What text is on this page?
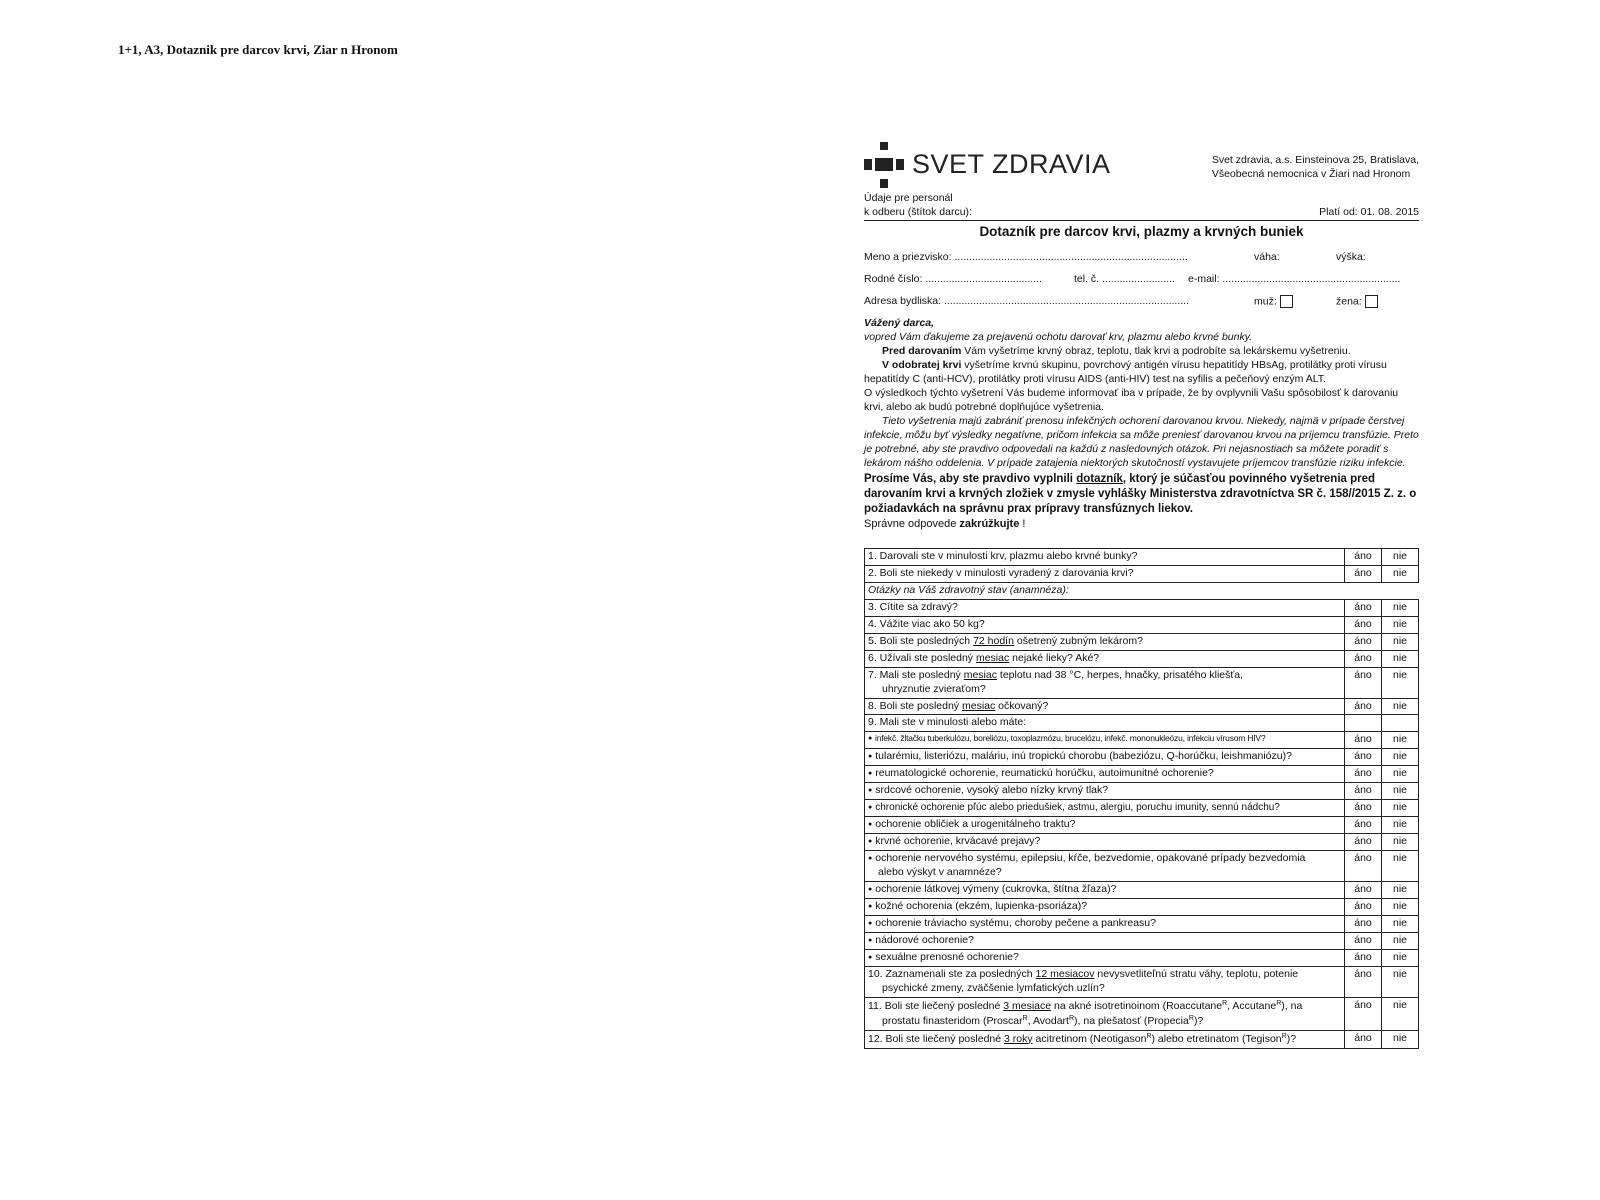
1+1, A3, Dotaznik pre darcov krvi, Ziar n Hronom
SVET ZDRAVIA	Svet zdravia, a.s. Einsteinova 25, Bratislava,
Všeobecná nemocnica v Žiari nad Hronom
Údaje pre personál
k odberu (štítok darcu):	Platí od: 01. 08. 2015
Dotazník pre darcov krvi, plazmy a krvných buniek
Meno a priezvisko: ................................................................................	váha:	výška:
Rodné číslo: ........................................	tel. č. .........................	e-mail: .............................................................
Adresa bydliska: ....................................................................................	muž:	žena:

Vážený darca,

vopred Vám ďakujeme za prejavenú ochotu darovať krv, plazmu alebo krvné bunky.

Pred darovaním Vám vyšetríme krvný obraz, teplotu, tlak krvi a podrobíte sa lekárskemu vyšetreniu.

V odobratej krvi vyšetríme krvnú skupinu, povrchový antigén vírusu hepatitídy HBsAg, protilátky proti vírusu hepatitídy C (anti-HCV), protilátky proti vírusu AIDS (anti-HIV) test na syfilis a pečeňový enzým ALT.

O výsledkoch týchto vyšetrení Vás budeme informovať iba v prípade, že by ovplyvnili Vašu spôsobilosť k darovaniu krvi, alebo ak budú potrebné doplňujúce vyšetrenia.

Tieto vyšetrenia majú zabrániť prenosu infekčných ochorení darovanou krvou. Niekedy, najmä v prípade čerstvej infekcie, môžu byť výsledky negatívne, pričom infekcia sa môže preniesť darovanou krvou na príjemcu transfúzie. Preto je potrebné, aby ste pravdivo odpovedali na každú z nasledovných otázok. Pri nejasnostiach sa môžete poradiť s lekárom nášho oddelenia. V prípade zatajenia niektorých skutočností vystavujete príjemcov transfúzie riziku infekcie.

Prosíme Vás, aby ste pravdivo vyplnili dotazník, ktorý je súčasťou povinného vyšetrenia pred darovaním krvi a krvných zložiek v zmysle vyhlášky Ministerstva zdravotníctva SR č. 158//2015 Z. z. o požiadavkách na správnu prax prípravy transfúznych liekov.

Správne odpovede zakrúžkujte !

1. Darovali ste v minulosti krv, plazmu alebo krvné bunky?	áno	nie
2. Boli ste niekedy v minulosti vyradený z darovania krvi?	áno	nie
Otázky na Váš zdravotný stav (anamnéza):		
3. Cítite sa zdravý?	áno	nie
4. Vážite viac ako 50 kg?	áno	nie
5. Boli ste posledných 72 hodín ošetrený zubným lekárom?	áno	nie
6. Užívali ste posledný mesiac nejaké lieky? Aké?	áno	nie
7. Mali ste posledný mesiac teplotu nad 38 °C, herpes, hnačky, prisatého kliešťa,
uhryznutie zvieraťom?	áno	nie
8. Boli ste posledný mesiac očkovaný?	áno	nie
9. Mali ste v minulosti alebo máte:		
● infekč. žltačku tuberkulózu, boreliózu, toxoplazmózu, brucelózu, infekč. mononukleózu, infekciu vírusom HIV?	áno	nie
● tularémiu, listeriózu, maláriu, inú tropickú chorobu (babeziózu, Q-horúčku, leishmaniózu)?	áno	nie
● reumatologické ochorenie, reumatickú horúčku, autoimunitné ochorenie?	áno	nie
● srdcové ochorenie, vysoký alebo nízky krvný tlak?	áno	nie
● chronické ochorenie pľúc alebo priedušiek, astmu, alergiu, poruchu imunity, sennú nádchu?	áno	nie
● ochorenie obličiek a urogenitálneho traktu?	áno	nie
● krvné ochorenie, krvácavé prejavy?	áno	nie
● ochorenie nervového systému, epilepsiu, kŕče, bezvedomie, opakované prípady bezvedomia
alebo výskyt v anamnéze?	áno	nie
● ochorenie látkovej výmeny (cukrovka, štítna žľaza)?	áno	nie
● kožné ochorenia (ekzém, lupienka-psoriáza)?	áno	nie
● ochorenie tráviacho systému, choroby pečene a pankreasu?	áno	nie
● nádorové ochorenie?	áno	nie
● sexuálne prenosné ochorenie?	áno	nie
10. Zaznamenali ste za posledných 12 mesiacov nevysvetliteľnú stratu váhy, teplotu, potenie
psychické zmeny, zväčšenie lymfatických uzlín?	áno	nie
11. Boli ste liečený posledné 3 mesiace na akné isotretinoinom (Roaccutane$^R$, Accutane$^R$), na
prostatu finasteridom (Proscar$^R$, Avodart$^R$), na plešatosť (Propecia$^R$)?	áno	nie
12. Boli ste liečený posledné 3 roky acitretinom (Neotigason$^R$) alebo etretinatom (Tegison$^R$)?	áno	nie
